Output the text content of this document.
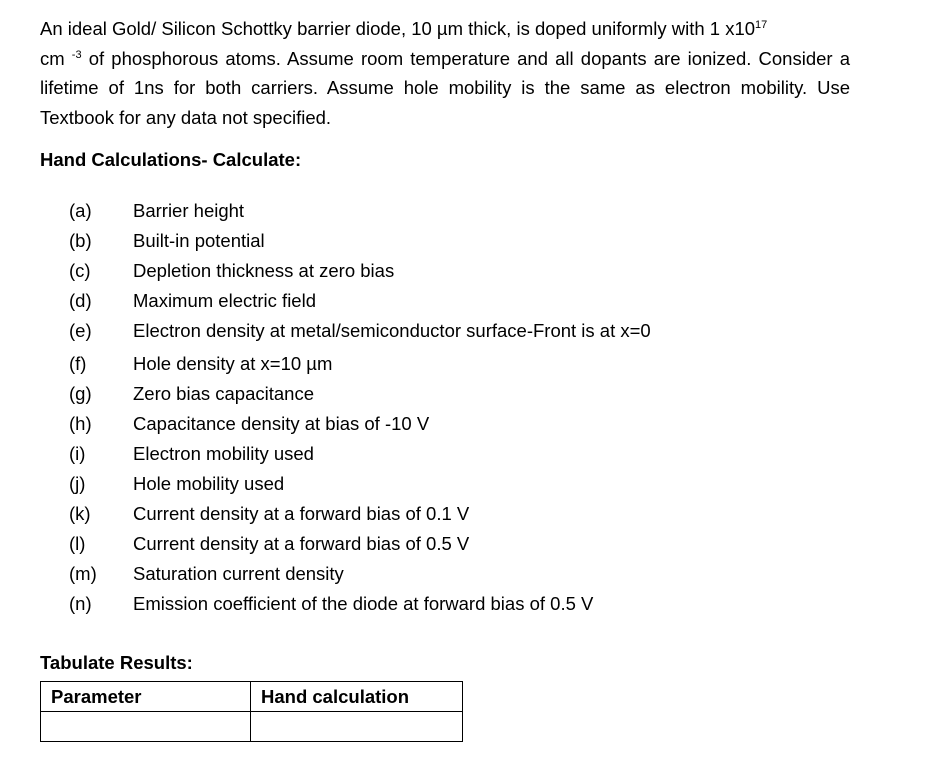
An ideal Gold/ Silicon Schottky barrier diode, 10 µm thick, is doped uniformly with 1 $x10^{17}$
cm $^{-3}$ of phosphorous atoms. Assume room temperature and all dopants are ionized. Consider a lifetime of 1ns for both carriers. Assume hole mobility is the same as electron mobility. Use Textbook for any data not specified.

Hand Calculations- Calculate:

(a)	Barrier height
(b)	Built-in potential
(c)	Depletion thickness at zero bias
(d)	Maximum electric field
(e)	Electron density at metal/semiconductor surface-Front is at x=0
(f)	Hole density at x=10 µm
(g)	Zero bias capacitance
(h)	Capacitance density at bias of -10 V
(i)	Electron mobility used
(j)	Hole mobility used
(k)	Current density at a forward bias of 0.1 V
(l)	Current density at a forward bias of 0.5 V
(m)	Saturation current density
(n)	Emission coefficient of the diode at forward bias of 0.5 V

Tabulate Results:

Parameter	Hand calculation
